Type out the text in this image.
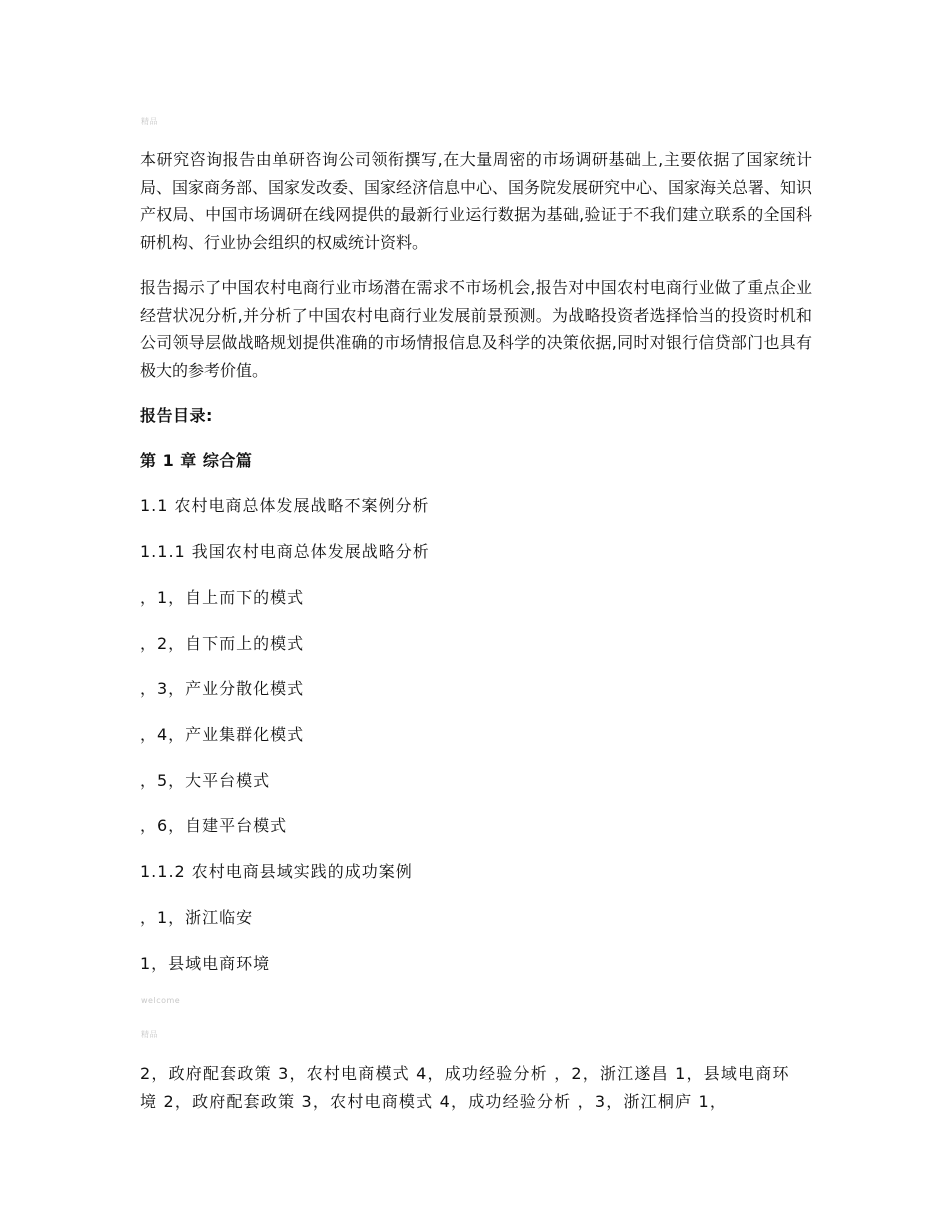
精品

本研究咨询报告由单研咨询公司领衔撰写,在大量周密的市场调研基础上,主要依据了国家统计局、国家商务部、国家发改委、国家经济信息中心、国务院发展研究中心、国家海关总署、知识产权局、中国市场调研在线网提供的最新行业运行数据为基础,验证于不我们建立联系的全国科研机构、行业协会组织的权威统计资料。

报告揭示了中国农村电商行业市场潜在需求不市场机会,报告对中国农村电商行业做了重点企业经营状况分析,并分析了中国农村电商行业发展前景预测。为战略投资者选择恰当的投资时机和公司领导层做战略规划提供准确的市场情报信息及科学的决策依据,同时对银行信贷部门也具有极大的参考价值。

报告目录:

第 1 章 综合篇

1.1 农村电商总体发展战略不案例分析

1.1.1 我国农村电商总体发展战略分析

，1，自上而下的模式

，2，自下而上的模式

，3，产业分散化模式

，4，产业集群化模式

，5，大平台模式

，6，自建平台模式

1.1.2 农村电商县域实践的成功案例

，1，浙江临安

1，县域电商环境

welcome
精品

2，政府配套政策 3，农村电商模式 4，成功经验分析 ，2，浙江遂昌 1，县域电商环境 2，政府配套政策 3，农村电商模式 4，成功经验分析 ，3，浙江桐庐 1，
